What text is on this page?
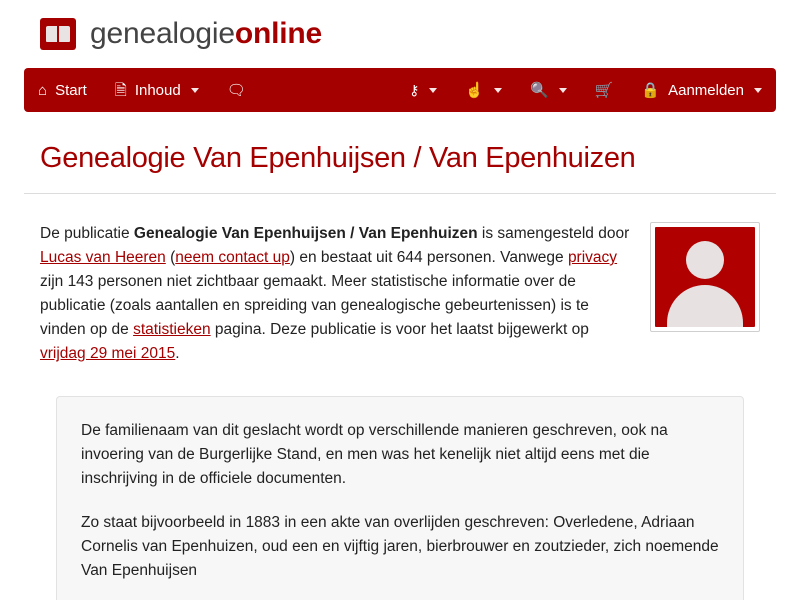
genealogieonline
⌂ Start 🗎 Inhoud	🗨	⚷	☝	🔍	🛒 🔒 Aanmelden
Genealogie Van Epenhuijsen / Van Epenhuizen
De publicatie Genealogie Van Epenhuijsen / Van Epenhuizen is samengesteld door Lucas van Heeren (neem contact up) en bestaat uit 644 personen. Vanwege privacy zijn 143 personen niet zichtbaar gemaakt. Meer statistische informatie over de publicatie (zoals aantallen en spreiding van genealogische gebeurtenissen) is te vinden op de statistieken pagina. Deze publicatie is voor het laatst bijgewerkt op vrijdag 29 mei 2015.

De familienaam van dit geslacht wordt op verschillende manieren geschreven, ook na invoering van de Burgerlijke Stand, en men was het kenelijk niet altijd eens met die inschrijving in de officiele documenten.

Zo staat bijvoorbeeld in 1883 in een akte van overlijden geschreven: Overledene, Adriaan Cornelis van Epenhuizen, oud een en vijftig jaren, bierbrouwer en zoutzieder, zich noemende Van Epenhuijsen
